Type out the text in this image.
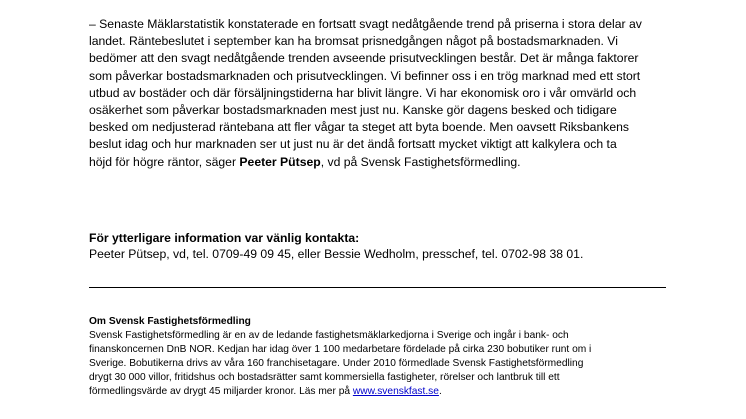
– Senaste Mäklarstatistik konstaterade en fortsatt svagt nedåtgående trend på priserna i stora delar av
landet. Räntebeslutet i september kan ha bromsat prisnedgången något på bostadsmarknaden. Vi
bedömer att den svagt nedåtgående trenden avseende prisutvecklingen består. Det är många faktorer
som påverkar bostadsmarknaden och prisutvecklingen. Vi befinner oss i en trög marknad med ett stort
utbud av bostäder och där försäljningstiderna har blivit längre. Vi har ekonomisk oro i vår omvärld och
osäkerhet som påverkar bostadsmarknaden mest just nu. Kanske gör dagens besked och tidigare
besked om nedjusterad räntebana att fler vågar ta steget att byta boende. Men oavsett Riksbankens
beslut idag och hur marknaden ser ut just nu är det ändå fortsatt mycket viktigt att kalkylera och ta
höjd för högre räntor, säger Peeter Pütsep, vd på Svensk Fastighetsförmedling.

För ytterligare information var vänlig kontakta:

Peeter Pütsep, vd, tel. 0709-49 09 45, eller Bessie Wedholm, presschef, tel. 0702-98 38 01.

Om Svensk Fastighetsförmedling
Svensk Fastighetsförmedling är en av de ledande fastighetsmäklarkedjorna i Sverige och ingår i bank- och
finanskoncernen DnB NOR. Kedjan har idag över 1 100 medarbetare fördelade på cirka 230 bobutiker runt om i
Sverige. Bobutikerna drivs av våra 160 franchisetagare. Under 2010 förmedlade Svensk Fastighetsförmedling
drygt 30 000 villor, fritidshus och bostadsrätter samt kommersiella fastigheter, rörelser och lantbruk till ett
förmedlingsvärde av drygt 45 miljarder kronor. Läs mer på www.svenskfast.se.
